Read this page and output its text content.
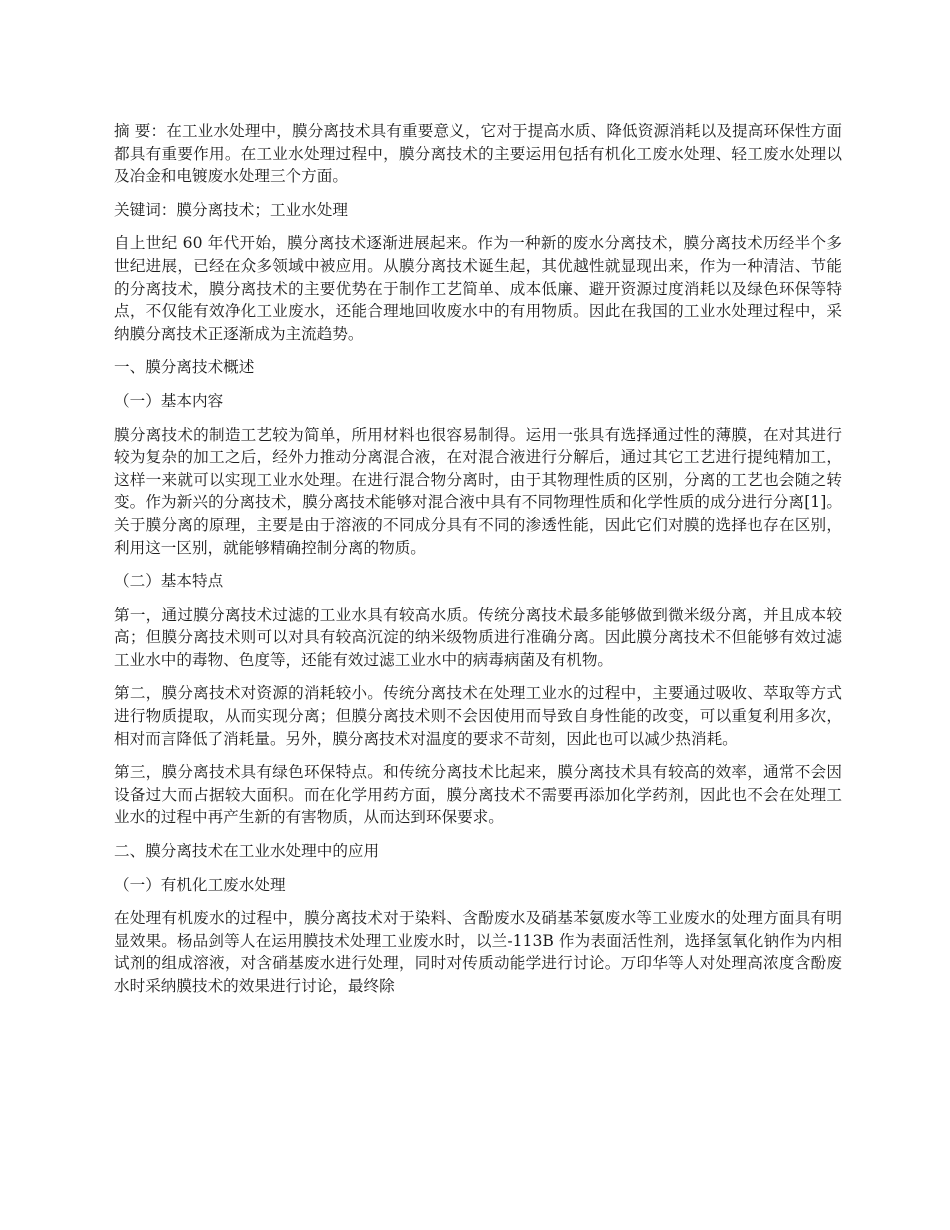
摘 要：在工业水处理中，膜分离技术具有重要意义，它对于提高水质、降低资源消耗以及提高环保性方面都具有重要作用。在工业水处理过程中，膜分离技术的主要运用包括有机化工废水处理、轻工废水处理以及冶金和电镀废水处理三个方面。

关键词：膜分离技术；工业水处理

自上世纪 60 年代开始，膜分离技术逐渐进展起来。作为一种新的废水分离技术，膜分离技术历经半个多世纪进展，已经在众多领域中被应用。从膜分离技术诞生起，其优越性就显现出来，作为一种清洁、节能的分离技术，膜分离技术的主要优势在于制作工艺简单、成本低廉、避开资源过度消耗以及绿色环保等特点，不仅能有效净化工业废水，还能合理地回收废水中的有用物质。因此在我国的工业水处理过程中，采纳膜分离技术正逐渐成为主流趋势。

一、膜分离技术概述

（一）基本内容

膜分离技术的制造工艺较为简单，所用材料也很容易制得。运用一张具有选择通过性的薄膜，在对其进行较为复杂的加工之后，经外力推动分离混合液，在对混合液进行分解后，通过其它工艺进行提纯精加工，这样一来就可以实现工业水处理。在进行混合物分离时，由于其物理性质的区别，分离的工艺也会随之转变。作为新兴的分离技术，膜分离技术能够对混合液中具有不同物理性质和化学性质的成分进行分离[1]。关于膜分离的原理，主要是由于溶液的不同成分具有不同的渗透性能，因此它们对膜的选择也存在区别，利用这一区别，就能够精确控制分离的物质。

（二）基本特点

第一，通过膜分离技术过滤的工业水具有较高水质。传统分离技术最多能够做到微米级分离，并且成本较高；但膜分离技术则可以对具有较高沉淀的纳米级物质进行准确分离。因此膜分离技术不但能够有效过滤工业水中的毒物、色度等，还能有效过滤工业水中的病毒病菌及有机物。

第二，膜分离技术对资源的消耗较小。传统分离技术在处理工业水的过程中，主要通过吸收、萃取等方式进行物质提取，从而实现分离；但膜分离技术则不会因使用而导致自身性能的改变，可以重复利用多次，相对而言降低了消耗量。另外，膜分离技术对温度的要求不苛刻，因此也可以减少热消耗。

第三，膜分离技术具有绿色环保特点。和传统分离技术比起来，膜分离技术具有较高的效率，通常不会因设备过大而占据较大面积。而在化学用药方面，膜分离技术不需要再添加化学药剂，因此也不会在处理工业水的过程中再产生新的有害物质，从而达到环保要求。

二、膜分离技术在工业水处理中的应用

（一）有机化工废水处理

在处理有机废水的过程中，膜分离技术对于染料、含酚废水及硝基苯氨废水等工业废水的处理方面具有明显效果。杨品剑等人在运用膜技术处理工业废水时，以兰-113B 作为表面活性剂，选择氢氧化钠作为内相试剂的组成溶液，对含硝基废水进行处理，同时对传质动能学进行讨论。万印华等人对处理高浓度含酚废水时采纳膜技术的效果进行讨论，最终除
